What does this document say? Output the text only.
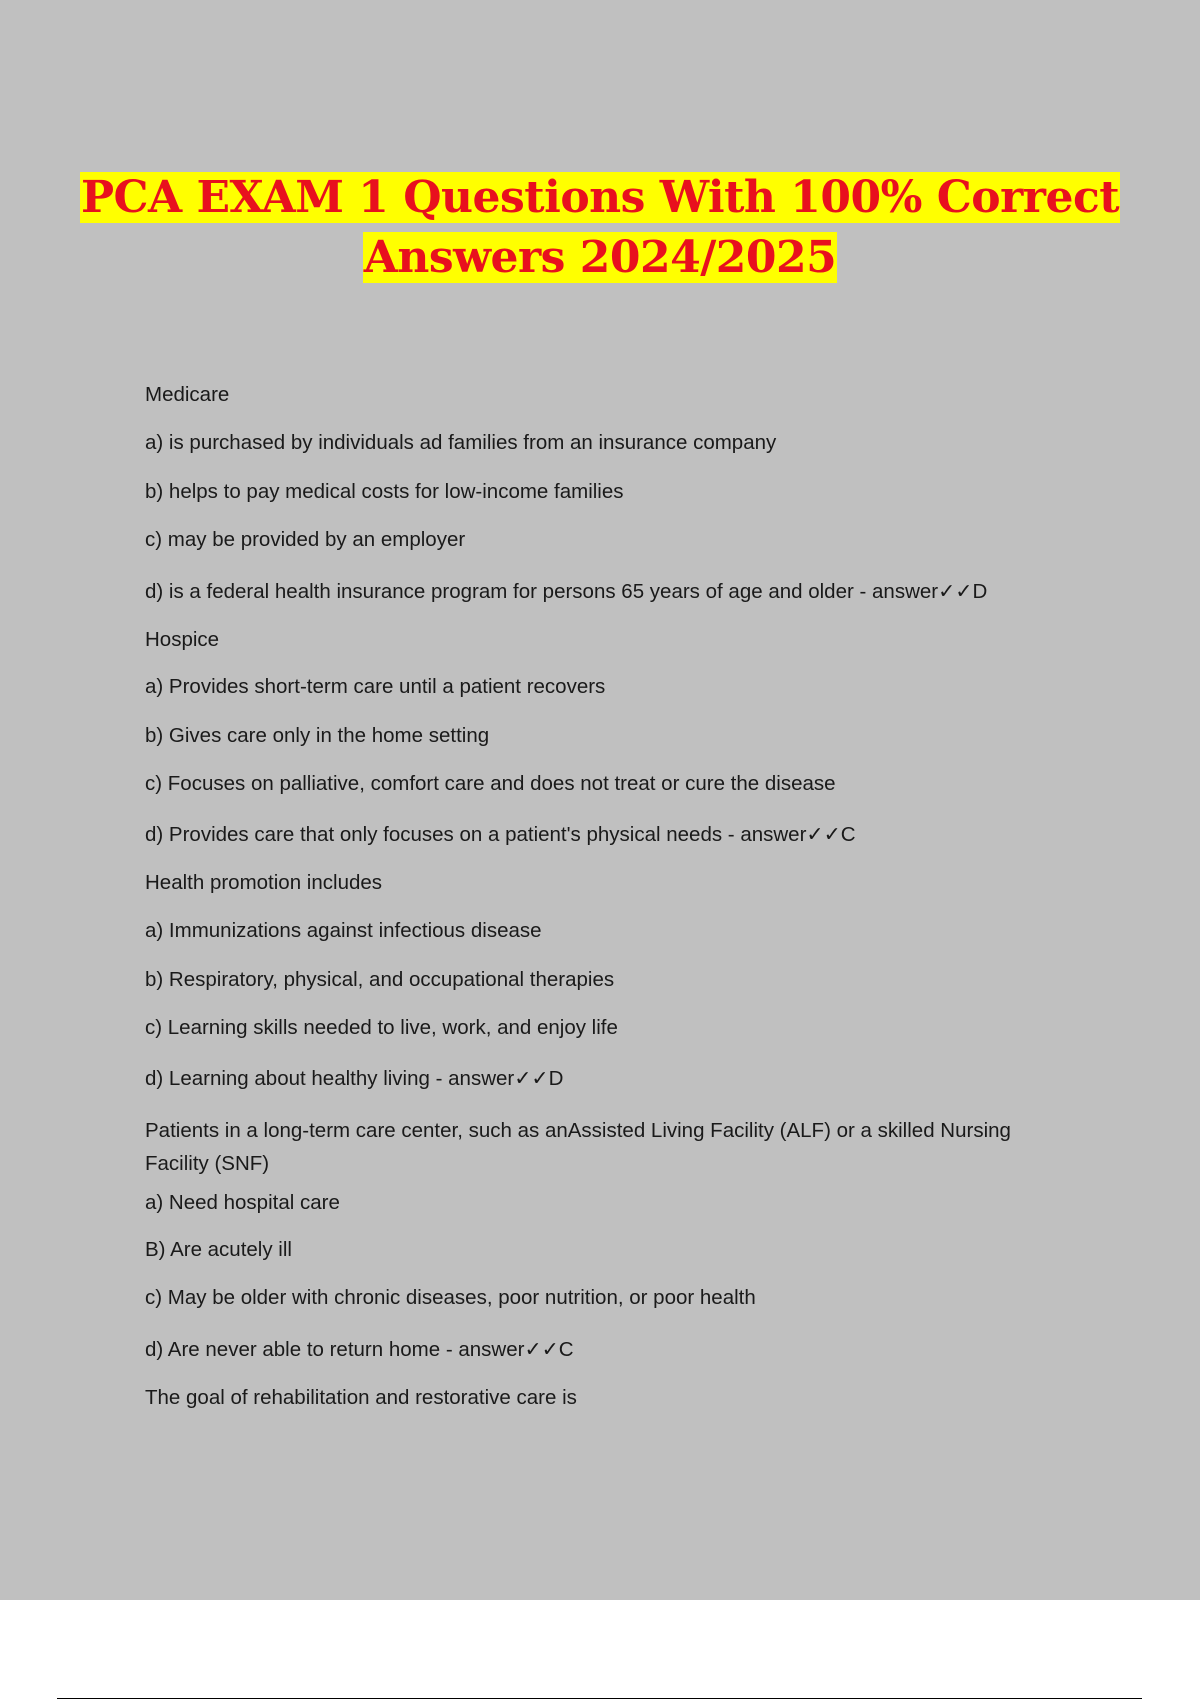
PCA EXAM 1 Questions With 100% Correct
Answers 2024/2025

Medicare

a) is purchased by individuals ad families from an insurance company

b) helps to pay medical costs for low-income families

c) may be provided by an employer

d) is a federal health insurance program for persons 65 years of age and older - answer✓✓D

Hospice

a) Provides short-term care until a patient recovers

b) Gives care only in the home setting

c) Focuses on palliative, comfort care and does not treat or cure the disease

d) Provides care that only focuses on a patient's physical needs - answer✓✓C

Health promotion includes

a) Immunizations against infectious disease

b) Respiratory, physical, and occupational therapies

c) Learning skills needed to live, work, and enjoy life

d) Learning about healthy living - answer✓✓D

Patients in a long-term care center, such as anAssisted Living Facility (ALF) or a skilled Nursing Facility (SNF)

a) Need hospital care

B) Are acutely ill

c) May be older with chronic diseases, poor nutrition, or poor health

d) Are never able to return home - answer✓✓C

The goal of rehabilitation and restorative care is
